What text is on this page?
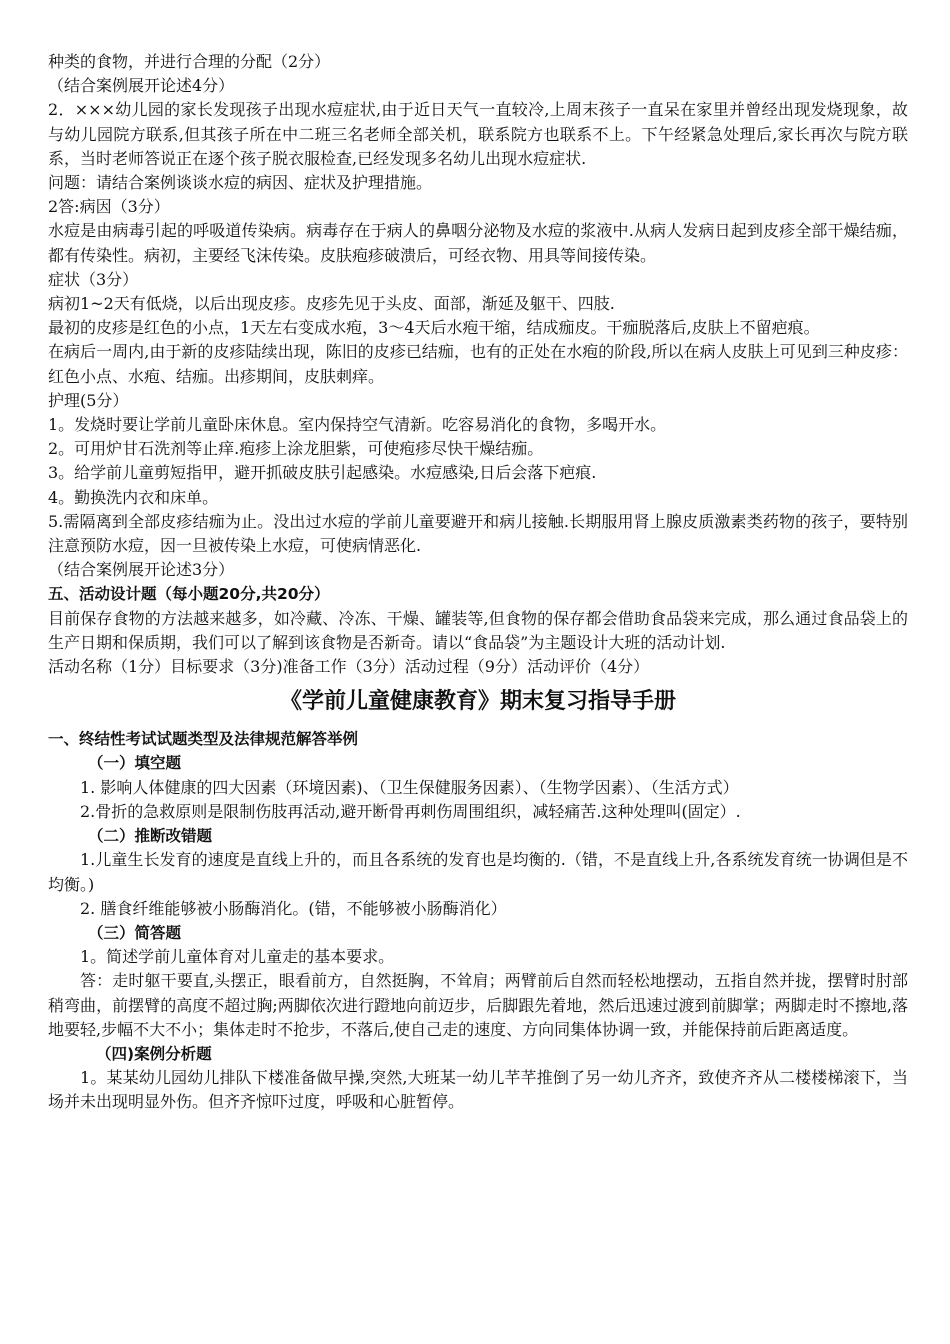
种类的食物，并进行合理的分配（2分）

（结合案例展开论述4分）

2．×××幼儿园的家长发现孩子出现水痘症状,由于近日天气一直较冷,上周末孩子一直呆在家里并曾经出现发烧现象，故与幼儿园院方联系,但其孩子所在中二班三名老师全部关机，联系院方也联系不上。下午经紧急处理后,家长再次与院方联系，当时老师答说正在逐个孩子脱衣服检查,已经发现多名幼儿出现水痘症状.

问题：请结合案例谈谈水痘的病因、症状及护理措施。

2答:病因（3分）

水痘是由病毒引起的呼吸道传染病。病毒存在于病人的鼻咽分泌物及水痘的浆液中.从病人发病日起到皮疹全部干燥结痂，都有传染性。病初，主要经飞沫传染。皮肤疱疹破溃后，可经衣物、用具等间接传染。

症状（3分）

病初1~2天有低烧，以后出现皮疹。皮疹先见于头皮、面部，渐延及躯干、四肢.

最初的皮疹是红色的小点，1天左右变成水疱，3～4天后水疱干缩，结成痂皮。干痂脱落后,皮肤上不留疤痕。

在病后一周内,由于新的皮疹陆续出现，陈旧的皮疹已结痂，也有的正处在水疱的阶段,所以在病人皮肤上可见到三种皮疹：红色小点、水疱、结痂。出疹期间，皮肤刺痒。

护理(5分）

1。发烧时要让学前儿童卧床休息。室内保持空气清新。吃容易消化的食物，多喝开水。

2。可用炉甘石洗剂等止痒.疱疹上涂龙胆紫，可使疱疹尽快干燥结痂。

3。给学前儿童剪短指甲，避开抓破皮肤引起感染。水痘感染,日后会落下疤痕.

4。勤换洗内衣和床单。

5.需隔离到全部皮疹结痂为止。没出过水痘的学前儿童要避开和病儿接触.长期服用肾上腺皮质激素类药物的孩子，要特别注意预防水痘，因一旦被传染上水痘，可使病情恶化.

（结合案例展开论述3分）

五、活动设计题（每小题20分,共20分）

目前保存食物的方法越来越多，如冷藏、冷冻、干燥、罐装等,但食物的保存都会借助食品袋来完成，那么通过食品袋上的生产日期和保质期，我们可以了解到该食物是否新奇。请以“食品袋”为主题设计大班的活动计划.

活动名称（1分）目标要求（3分)准备工作（3分）活动过程（9分）活动评价（4分）

《学前儿童健康教育》期末复习指导手册

一、终结性考试试题类型及法律规范解答举例

（一）填空题

1. 影响人体健康的四大因素（环境因素)、（卫生保健服务因素）、（生物学因素）、（生活方式）

2.骨折的急救原则是限制伤肢再活动,避开断骨再刺伤周围组织，减轻痛苦.这种处理叫(固定）.

（二）推断改错题

1.儿童生长发育的速度是直线上升的，而且各系统的发育也是均衡的.（错，不是直线上升,各系统发育统一协调但是不均衡。)

2. 膳食纤维能够被小肠酶消化。(错，不能够被小肠酶消化）

（三）简答题

1。简述学前儿童体育对儿童走的基本要求。

答：走时躯干要直,头摆正，眼看前方，自然挺胸，不耸肩；两臂前后自然而轻松地摆动，五指自然并拢，摆臂时肘部稍弯曲，前摆臂的高度不超过胸;两脚依次进行蹬地向前迈步，后脚跟先着地，然后迅速过渡到前脚掌；两脚走时不擦地,落地要轻,步幅不大不小；集体走时不抢步，不落后,使自己走的速度、方向同集体协调一致，并能保持前后距离适度。

（四)案例分析题

1。某某幼儿园幼儿排队下楼准备做早操,突然,大班某一幼儿芊芊推倒了另一幼儿齐齐，致使齐齐从二楼楼梯滚下，当场并未出现明显外伤。但齐齐惊吓过度，呼吸和心脏暂停。
